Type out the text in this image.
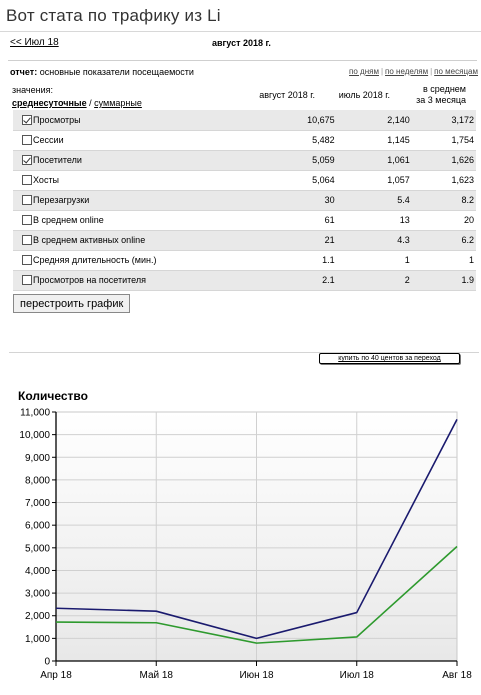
Вот стата по трафику из Li
<< Июл 18	август 2018 г.
отчет: основные показатели посещаемости	по дням | по неделям | по месяцам
значения:
среднесуточные / суммарные
август 2018 г.	июль 2018 г.
в среднем
за 3 месяца
	Просмотры	10,675	2,140	3,172
	Сессии	5,482	1,145	1,754
	Посетители	5,059	1,061	1,626
	Хосты	5,064	1,057	1,623
	Перезагрузки	30	5.4	8.2
	В среднем online	61	13	20
	В среднем активных online	21	4.3	6.2
	Средняя длительность (мин.)	1.1	1	1
	Просмотров на посетителя	2.1	2	1.9
перестроить график
купить по 40 центов за переход
Количество
0
1,000
2,000
3,000
4,000
5,000
6,000
7,000
8,000
9,000
10,000
11,000
Апр 18	Май 18	Июн 18	Июл 18	Авг 18
